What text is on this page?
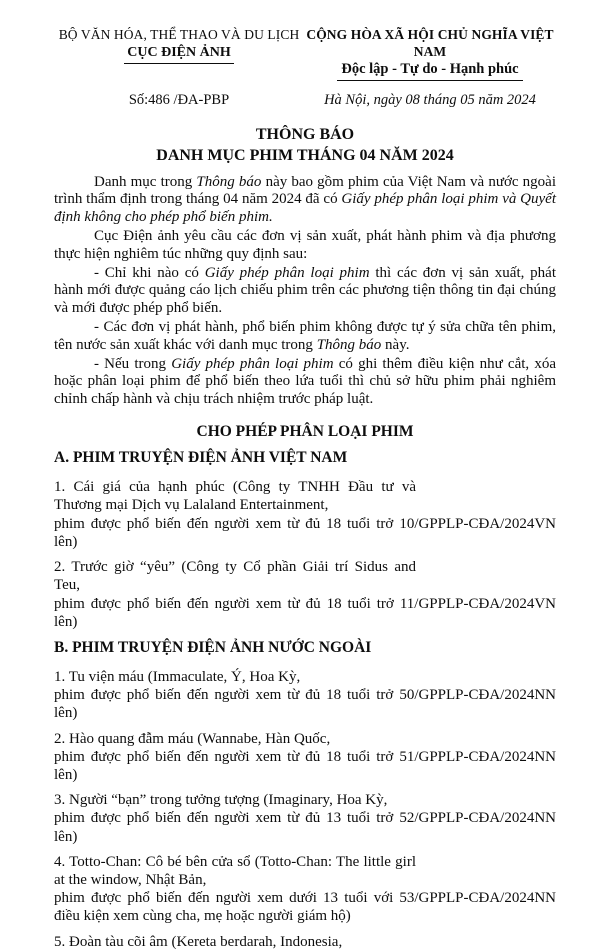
BỘ VĂN HÓA, THỂ THAO VÀ DU LỊCH
CỤC ĐIỆN ẢNH
CỘNG HÒA XÃ HỘI CHỦ NGHĨA VIỆT NAM
Độc lập - Tự do - Hạnh phúc
Số:486 /ĐA-PBP	Hà Nội, ngày 08 tháng 05 năm 2024
THÔNG BÁO
DANH MỤC PHIM THÁNG 04 NĂM 2024

Danh mục trong Thông báo này bao gồm phim của Việt Nam và nước ngoài trình thẩm định trong tháng 04 năm 2024 đã có Giấy phép phân loại phim và Quyết định không cho phép phổ biến phim.

Cục Điện ảnh yêu cầu các đơn vị sản xuất, phát hành phim và địa phương thực hiện nghiêm túc những quy định sau:

- Chỉ khi nào có Giấy phép phân loại phim thì các đơn vị sản xuất, phát hành mới được quảng cáo lịch chiếu phim trên các phương tiện thông tin đại chúng và mới được phép phổ biến.

- Các đơn vị phát hành, phổ biến phim không được tự ý sửa chữa tên phim, tên nước sản xuất khác với danh mục trong Thông báo này.

- Nếu trong Giấy phép phân loại phim có ghi thêm điều kiện như cắt, xóa hoặc phân loại phim để phổ biến theo lứa tuổi thì chủ sở hữu phim phải nghiêm chỉnh chấp hành và chịu trách nhiệm trước pháp luật.

CHO PHÉP PHÂN LOẠI PHIM
A. PHIM TRUYỆN ĐIỆN ẢNH VIỆT NAM
1. Cái giá của hạnh phúc (Công ty TNHH Đầu tư và Thương mại Dịch vụ Lalaland Entertainment,
phim được phổ biến đến người xem từ đủ 18 tuổi trở lên)
10/GPPLP-CĐA/2024VN
2. Trước giờ “yêu” (Công ty Cổ phần Giải trí Sidus and Teu,
phim được phổ biến đến người xem từ đủ 18 tuổi trở lên)
11/GPPLP-CĐA/2024VN
B. PHIM TRUYỆN ĐIỆN ẢNH NƯỚC NGOÀI
1. Tu viện máu (Immaculate, Ý, Hoa Kỳ,
phim được phổ biến đến người xem từ đủ 18 tuổi trở lên)
50/GPPLP-CĐA/2024NN
2. Hào quang đẫm máu (Wannabe, Hàn Quốc,
phim được phổ biến đến người xem từ đủ 18 tuổi trở lên)
51/GPPLP-CĐA/2024NN
3. Người “bạn” trong tưởng tượng (Imaginary, Hoa Kỳ,
phim được phổ biến đến người xem từ đủ 13 tuổi trở lên)
52/GPPLP-CĐA/2024NN
4. Totto-Chan: Cô bé bên cửa sổ (Totto-Chan: The little girl at the window, Nhật Bản,
phim được phổ biến đến người xem dưới 13 tuổi với điều kiện xem cùng cha, mẹ hoặc người giám hộ)
53/GPPLP-CĐA/2024NN
5. Đoàn tàu cõi âm (Kereta berdarah, Indonesia,
